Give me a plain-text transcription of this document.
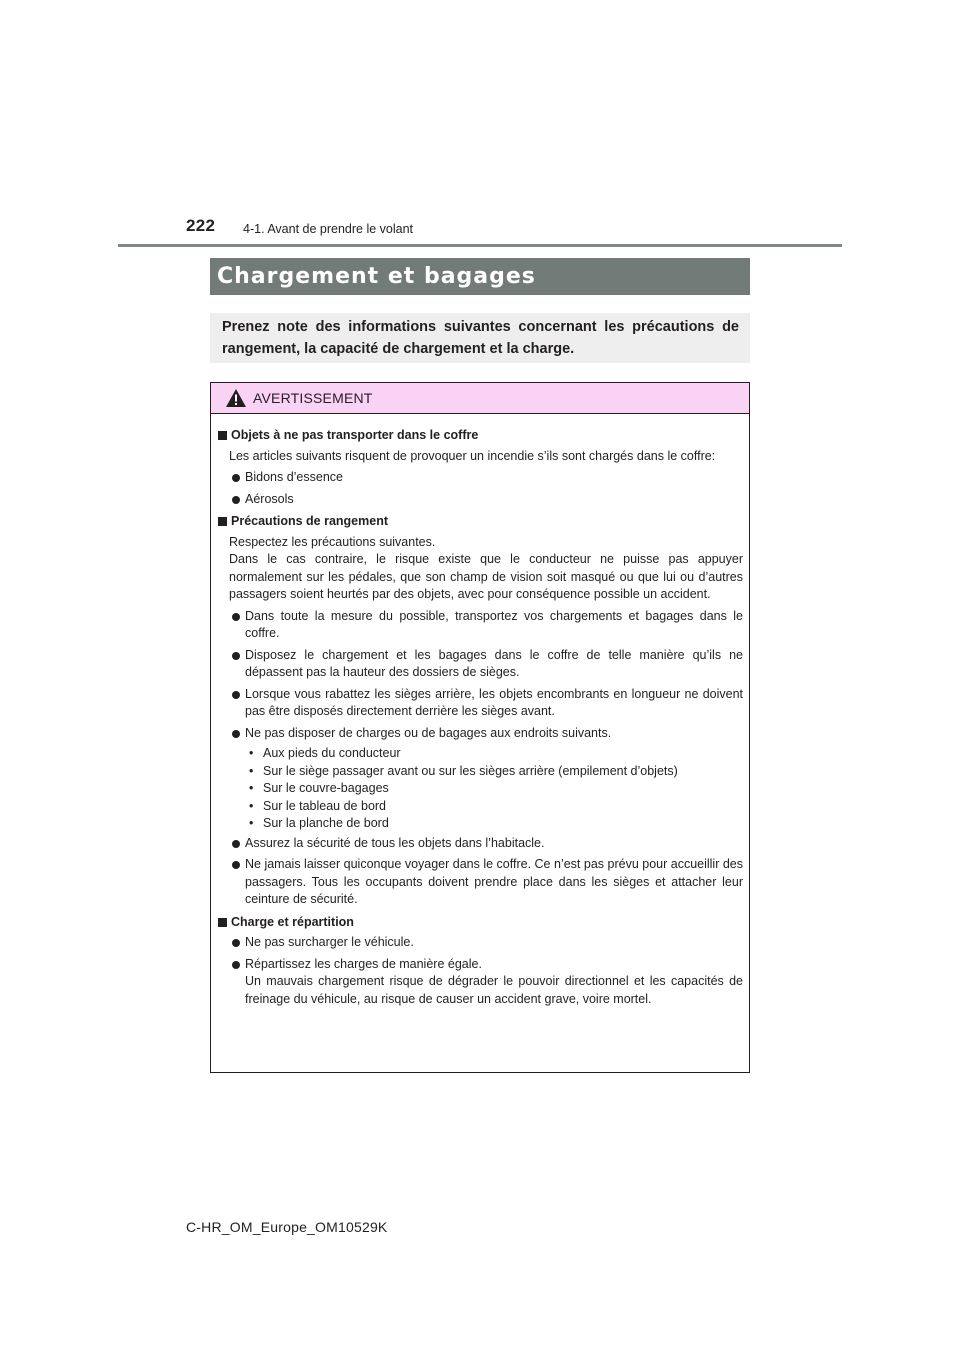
222 4-1. Avant de prendre le volant
Chargement et bagages
Prenez note des informations suivantes concernant les précautions de rangement, la capacité de chargement et la charge.
AVERTISSEMENT
Objets à ne pas transporter dans le coffre
Les articles suivants risquent de provoquer un incendie s’ils sont chargés dans le coffre:
Bidons d’essence
Aérosols
Précautions de rangement
Respectez les précautions suivantes.
Dans le cas contraire, le risque existe que le conducteur ne puisse pas appuyer normalement sur les pédales, que son champ de vision soit masqué ou que lui ou d’autres passagers soient heurtés par des objets, avec pour conséquence possible un accident.
Dans toute la mesure du possible, transportez vos chargements et bagages dans le coffre.
Disposez le chargement et les bagages dans le coffre de telle manière qu’ils ne dépassent pas la hauteur des dossiers de sièges.
Lorsque vous rabattez les sièges arrière, les objets encombrants en longueur ne doivent pas être disposés directement derrière les sièges avant.
Ne pas disposer de charges ou de bagages aux endroits suivants.
• Aux pieds du conducteur
• Sur le siège passager avant ou sur les sièges arrière (empilement d’objets)
• Sur le couvre-bagages
• Sur le tableau de bord
• Sur la planche de bord
Assurez la sécurité de tous les objets dans l’habitacle.
Ne jamais laisser quiconque voyager dans le coffre. Ce n’est pas prévu pour accueillir des passagers. Tous les occupants doivent prendre place dans les sièges et attacher leur ceinture de sécurité.
Charge et répartition
Ne pas surcharger le véhicule.
Répartissez les charges de manière égale.
Un mauvais chargement risque de dégrader le pouvoir directionnel et les capacités de freinage du véhicule, au risque de causer un accident grave, voire mortel.
C-HR_OM_Europe_OM10529K
